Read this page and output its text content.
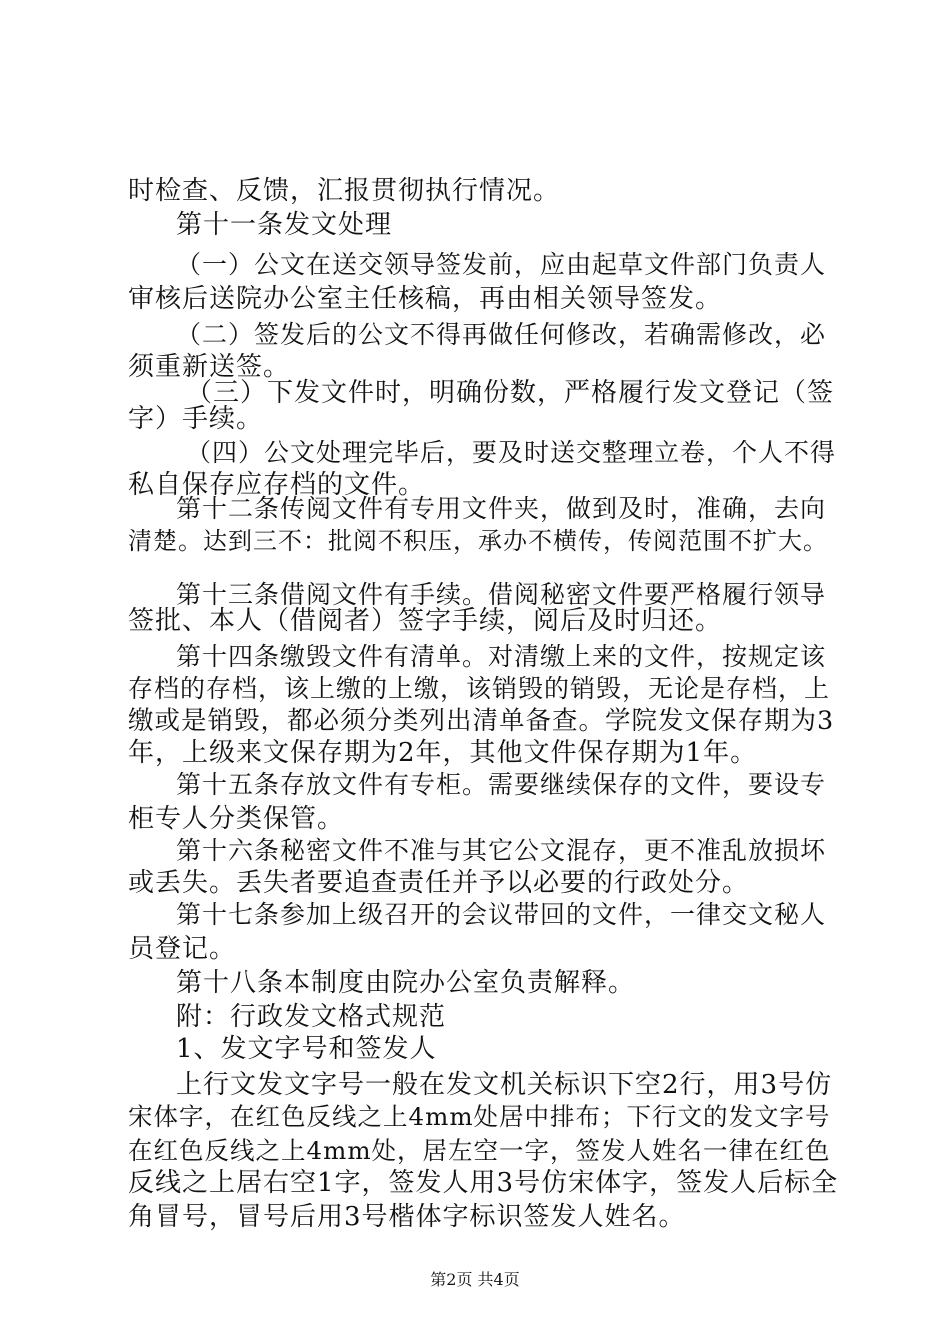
时检查、反馈，汇报贯彻执行情况。
第十一条发文处理
（一）公文在送交领导签发前，应由起草文件部门负责人
审核后送院办公室主任核稿，再由相关领导签发。
（二）签发后的公文不得再做任何修改，若确需修改，必
须重新送签。
（三）下发文件时，明确份数，严格履行发文登记（签
字）手续。
（四）公文处理完毕后，要及时送交整理立卷，个人不得
私自保存应存档的文件。
第十二条传阅文件有专用文件夹，做到及时，准确，去向
清楚。达到三不：批阅不积压，承办不横传，传阅范围不扩大。
第十三条借阅文件有手续。借阅秘密文件要严格履行领导
签批、本人（借阅者）签字手续，阅后及时归还。
第十四条缴毁文件有清单。对清缴上来的文件，按规定该
存档的存档，该上缴的上缴，该销毁的销毁，无论是存档，上
缴或是销毁，都必须分类列出清单备查。学院发文保存期为3
年，上级来文保存期为2年，其他文件保存期为1年。
第十五条存放文件有专柜。需要继续保存的文件，要设专
柜专人分类保管。
第十六条秘密文件不准与其它公文混存，更不准乱放损坏
或丢失。丢失者要追查责任并予以必要的行政处分。
第十七条参加上级召开的会议带回的文件，一律交文秘人
员登记。
第十八条本制度由院办公室负责解释。
附：行政发文格式规范
1、发文字号和签发人
上行文发文字号一般在发文机关标识下空2行，用3号仿
宋体字，在红色反线之上4mm处居中排布；下行文的发文字号
在红色反线之上4mm处，居左空一字，签发人姓名一律在红色
反线之上居右空1字，签发人用3号仿宋体字，签发人后标全
角冒号，冒号后用3号楷体字标识签发人姓名。
第2页 共4页
